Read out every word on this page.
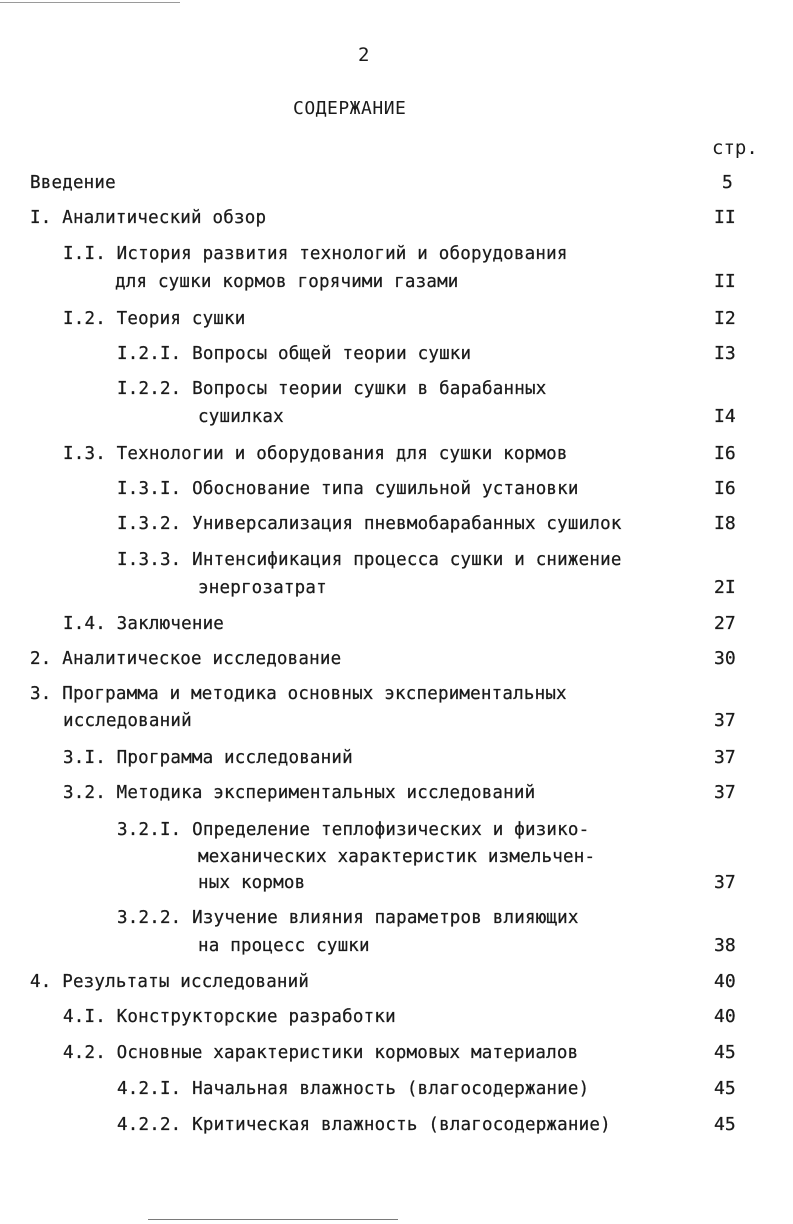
2
СОДЕРЖАНИЕ
стр.
Введение	5
I. Аналитический обзор	II
I.I. История развития технологий и оборудования
для сушки кормов горячими газами	II
I.2. Теория сушки	I2
I.2.I. Вопросы общей теории сушки	I3
I.2.2. Вопросы теории сушки в барабанных
сушилках	I4
I.3. Технологии и оборудования для сушки кормов	I6
I.3.I. Обоснование типа сушильной установки	I6
I.3.2. Универсализация пневмобарабанных сушилок	I8
I.3.3. Интенсификация процесса сушки и снижение
энергозатрат	2I
I.4. Заключение	27
2. Аналитическое исследование	30
3. Программа и методика основных экспериментальных
исследований	37
3.I. Программа исследований	37
3.2. Методика экспериментальных исследований	37
3.2.I. Определение теплофизических и физико-
механических характеристик измельчен-
ных кормов	37
3.2.2. Изучение влияния параметров влияющих
на процесс сушки	38
4. Результаты исследований	40
4.I. Конструкторские разработки	40
4.2. Основные характеристики кормовых материалов	45
4.2.I. Начальная влажность (влагосодержание)	45
4.2.2. Критическая влажность (влагосодержание)	45
